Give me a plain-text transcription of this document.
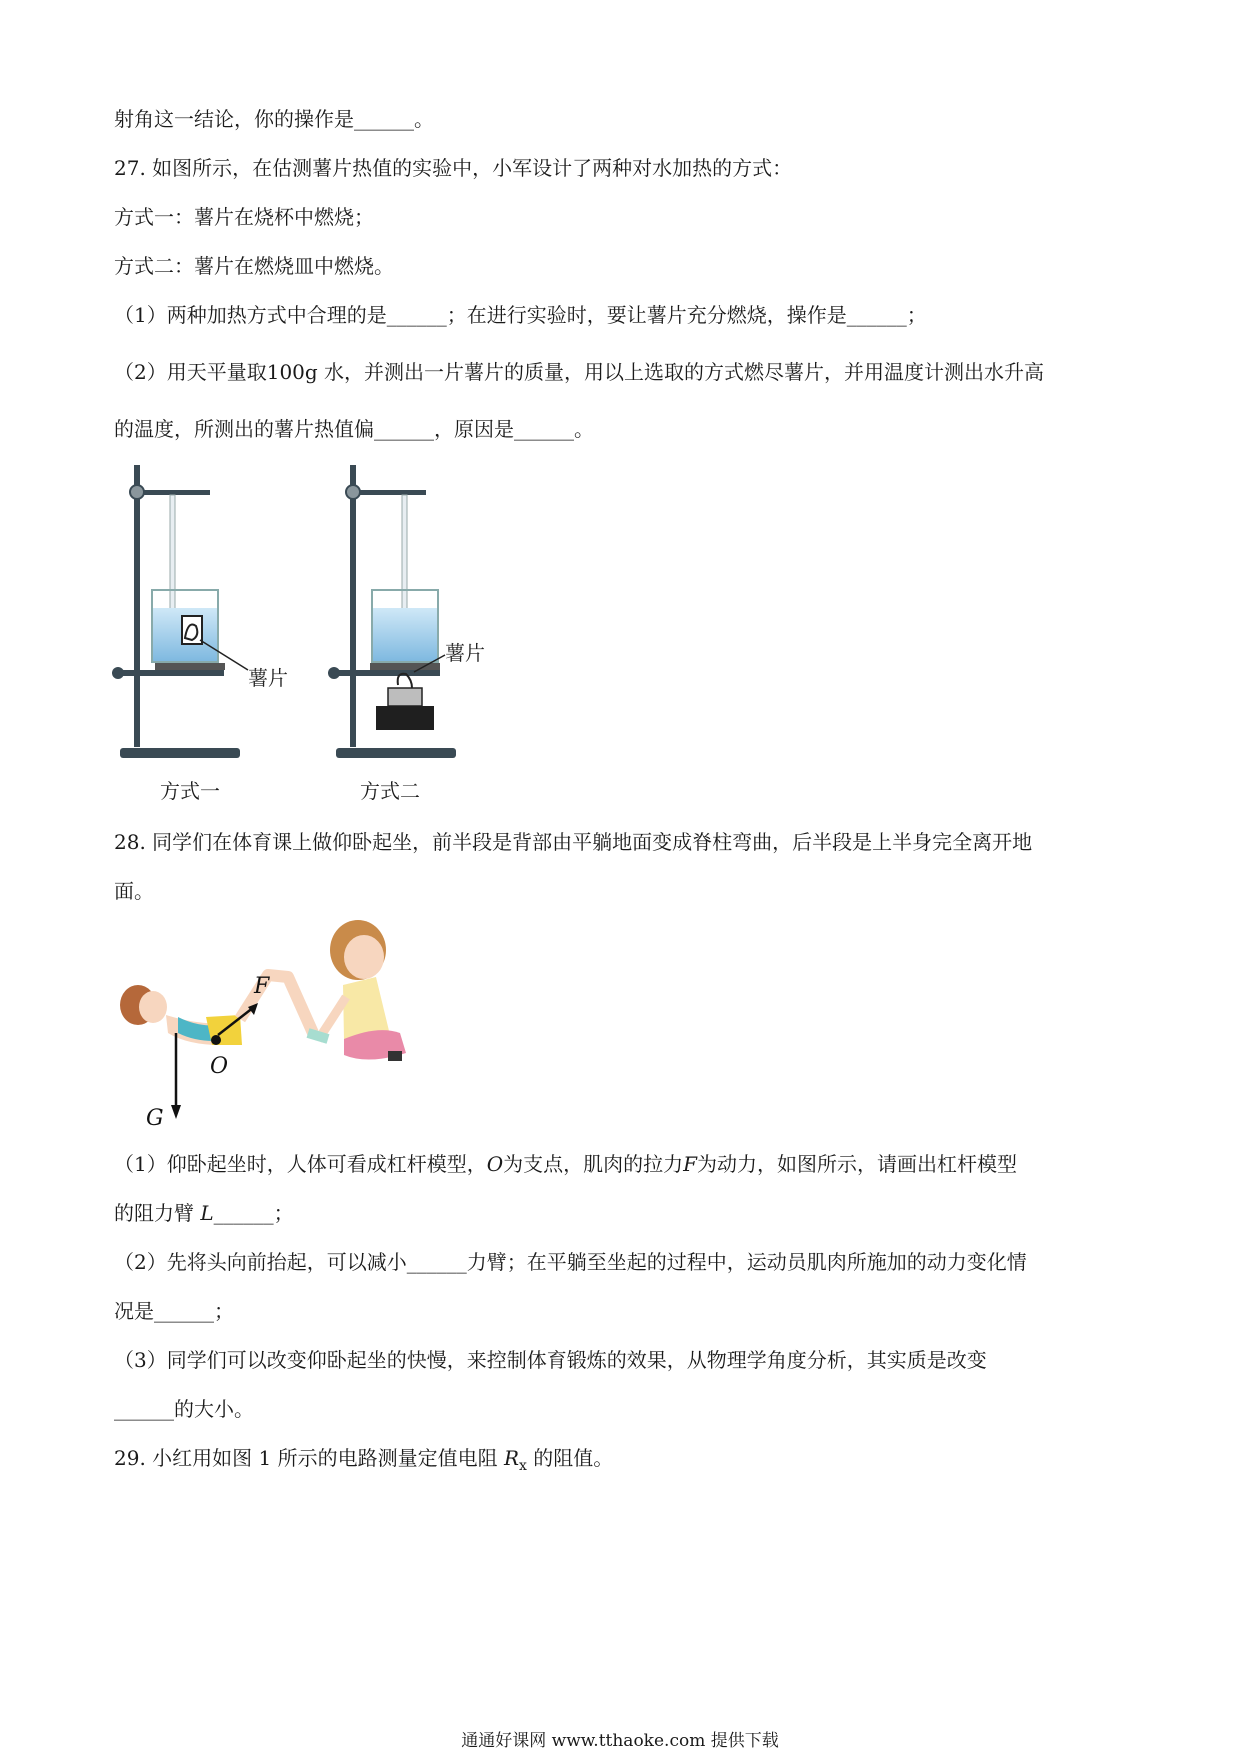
射角这一结论，你的操作是______。
27. 如图所示，在估测薯片热值的实验中，小军设计了两种对水加热的方式：
方式一：薯片在烧杯中燃烧；
方式二：薯片在燃烧皿中燃烧。
（1）两种加热方式中合理的是______；在进行实验时，要让薯片充分燃烧，操作是______；
（2）用天平量取100g 水，并测出一片薯片的质量，用以上选取的方式燃尽薯片，并用温度计测出水升高
的温度，所测出的薯片热值偏______，原因是______。
薯片
薯片
方式一	方式二
28. 同学们在体育课上做仰卧起坐，前半段是背部由平躺地面变成脊柱弯曲，后半段是上半身完全离开地
面。
F
O
G
（1）仰卧起坐时，人体可看成杠杆模型，O为支点，肌肉的拉力F为动力，如图所示，请画出杠杆模型
的阻力臂 L______；
（2）先将头向前抬起，可以减小______力臂；在平躺至坐起的过程中，运动员肌肉所施加的动力变化情
况是______；
（3）同学们可以改变仰卧起坐的快慢，来控制体育锻炼的效果，从物理学角度分析，其实质是改变
______的大小。
29. 小红用如图 1 所示的电路测量定值电阻 $R_x$ 的阻值。
通通好课网 www.tthaoke.com 提供下载
